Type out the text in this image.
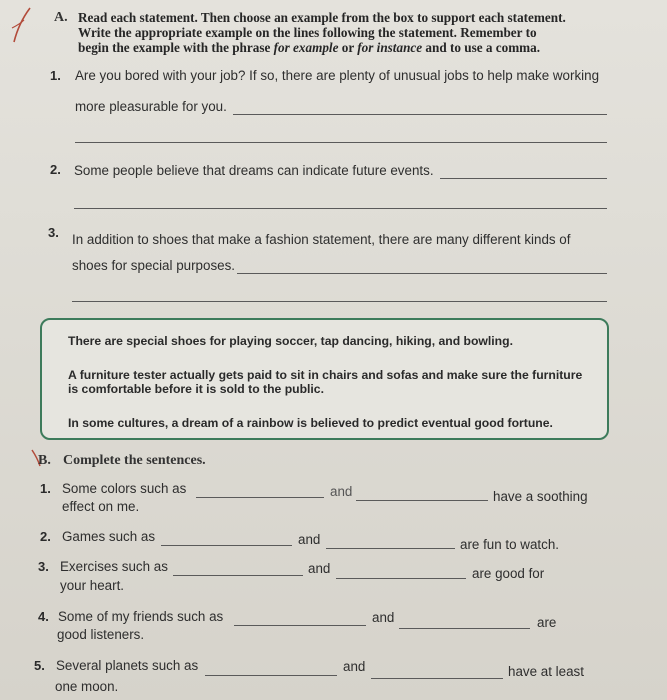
A. Read each statement. Then choose an example from the box to support each statement.
Write the appropriate example on the lines following the statement. Remember to
begin the example with the phrase for example or for instance and to use a comma.
1. Are you bored with your job? If so, there are plenty of unusual jobs to help make working
more pleasurable for you.
2. Some people believe that dreams can indicate future events.
3. In addition to shoes that make a fashion statement, there are many different kinds of
shoes for special purposes.

There are special shoes for playing soccer, tap dancing, hiking, and bowling.

A furniture tester actually gets paid to sit in chairs and sofas and make sure the furniture

is comfortable before it is sold to the public.

In some cultures, a dream of a rainbow is believed to predict eventual good fortune.

B. Complete the sentences.
1. Some colors such as	and	have a soothing
effect on me.
2. Games such as	and	are fun to watch.
3. Exercises such as	and	are good for
your heart.
4. Some of my friends such as	and	are
good listeners.
5. Several planets such as	and	have at least
one moon.
